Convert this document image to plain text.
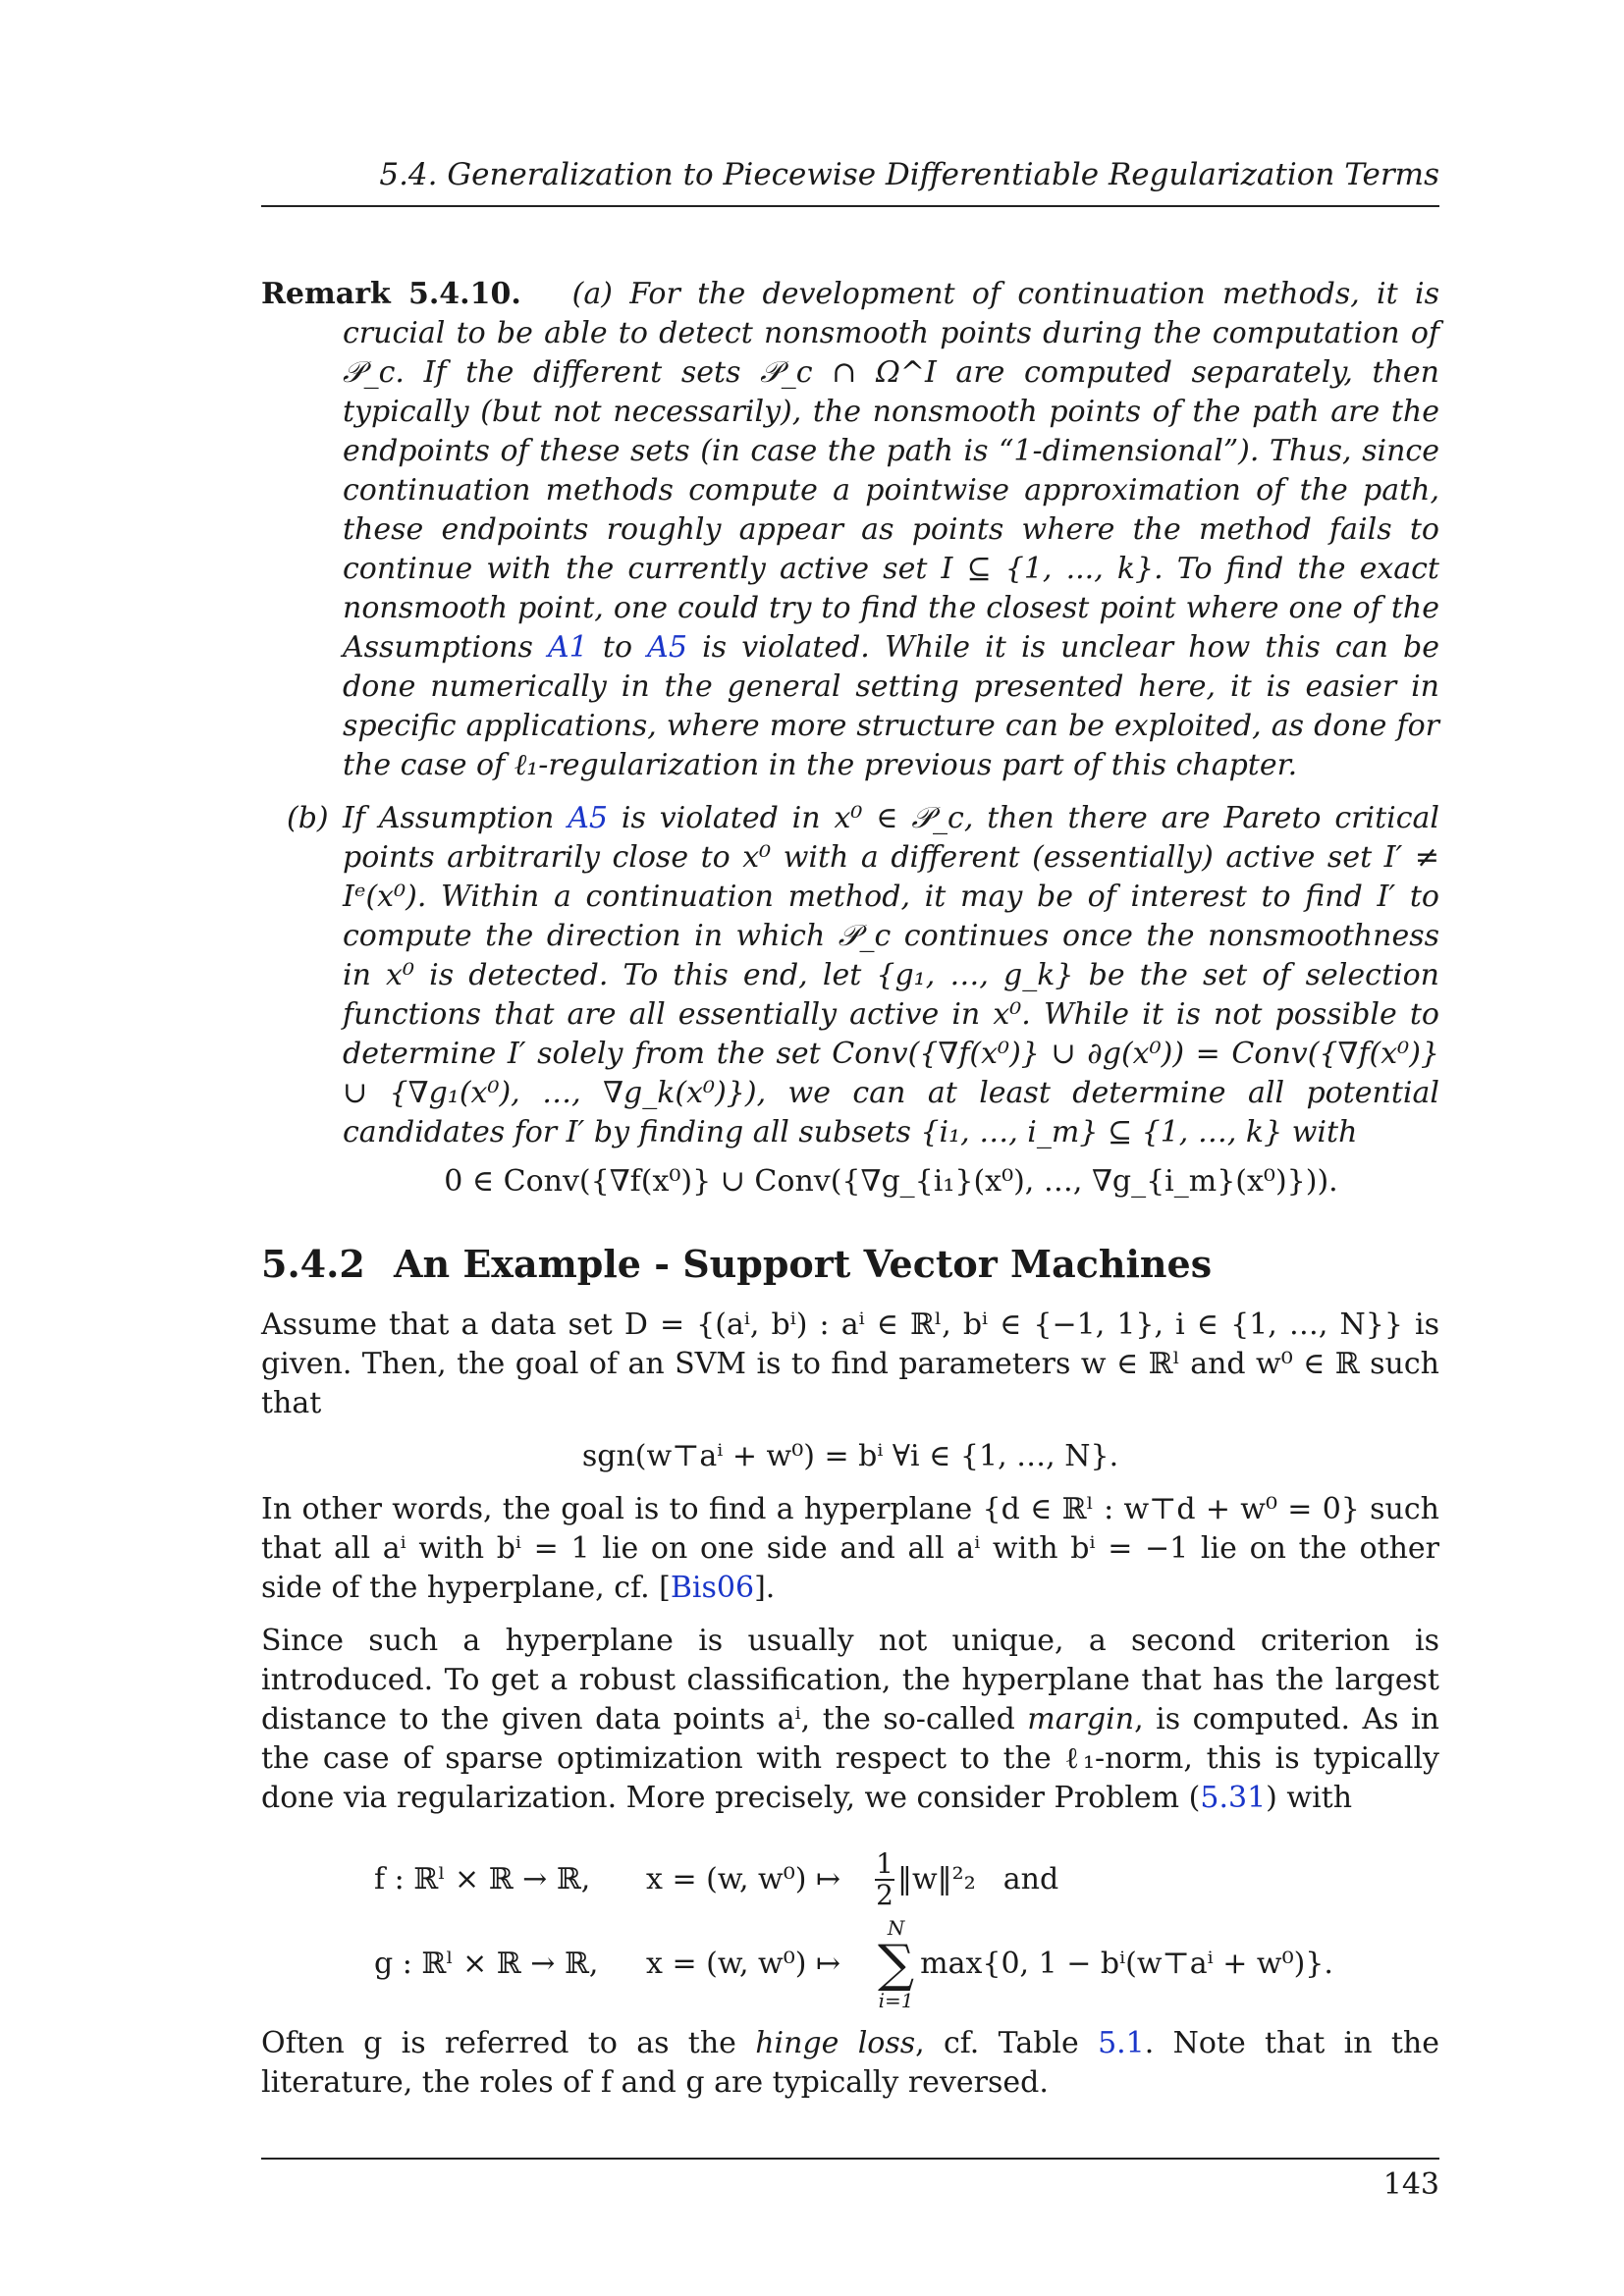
5.4. Generalization to Piecewise Differentiable Regularization Terms
Remark 5.4.10. (a) For the development of continuation methods, it is crucial to be able to detect nonsmooth points during the computation of 𝒫_c. If the different sets 𝒫_c ∩ Ω^I are computed separately, then typically (but not necessarily), the nonsmooth points of the path are the endpoints of these sets (in case the path is “1-dimensional”). Thus, since continuation methods compute a pointwise approximation of the path, these endpoints roughly appear as points where the method fails to continue with the currently active set I ⊆ {1, ..., k}. To find the exact nonsmooth point, one could try to find the closest point where one of the Assumptions A1 to A5 is violated. While it is unclear how this can be done numerically in the general setting presented here, it is easier in specific applications, where more structure can be exploited, as done for the case of ℓ₁-regularization in the previous part of this chapter.
(b) If Assumption A5 is violated in x⁰ ∈ 𝒫_c, then there are Pareto critical points arbitrarily close to x⁰ with a different (essentially) active set I′ ≠ Iᵉ(x⁰). Within a continuation method, it may be of interest to find I′ to compute the direction in which 𝒫_c continues once the nonsmoothness in x⁰ is detected. To this end, let {g₁, …, g_k} be the set of selection functions that are all essentially active in x⁰. While it is not possible to determine I′ solely from the set Conv({∇f(x⁰)} ∪ ∂g(x⁰)) = Conv({∇f(x⁰)} ∪ {∇g₁(x⁰), …, ∇g_k(x⁰)}), we can at least determine all potential candidates for I′ by finding all subsets {i₁, …, i_m} ⊆ {1, …, k} with
0 ∈ Conv({∇f(x⁰)} ∪ Conv({∇g_{i₁}(x⁰), …, ∇g_{i_m}(x⁰)})).
5.4.2 An Example - Support Vector Machines

Assume that a data set D = {(aⁱ, bⁱ) : aⁱ ∈ ℝˡ, bⁱ ∈ {−1, 1}, i ∈ {1, …, N}} is given. Then, the goal of an SVM is to find parameters w ∈ ℝˡ and w⁰ ∈ ℝ such that

sgn(w⊤aⁱ + w⁰) = bⁱ ∀i ∈ {1, …, N}.

In other words, the goal is to find a hyperplane {d ∈ ℝˡ : w⊤d + w⁰ = 0} such that all aⁱ with bⁱ = 1 lie on one side and all aⁱ with bⁱ = −1 lie on the other side of the hyperplane, cf. [Bis06].

Since such a hyperplane is usually not unique, a second criterion is introduced. To get a robust classification, the hyperplane that has the largest distance to the given data points aⁱ, the so-called margin, is computed. As in the case of sparse optimization with respect to the ℓ₁-norm, this is typically done via regularization. More precisely, we consider Problem (5.31) with

f : ℝˡ × ℝ → ℝ,	x = (w, w⁰) ↦	$\frac{1}{2}$ ‖w‖²₂ and
g : ℝˡ × ℝ → ℝ,	x = (w, w⁰) ↦
N
∑
i=1
max{0, 1 − bⁱ(w⊤aⁱ + w⁰)}.

Often g is referred to as the hinge loss, cf. Table 5.1. Note that in the literature, the roles of f and g are typically reversed.

143
